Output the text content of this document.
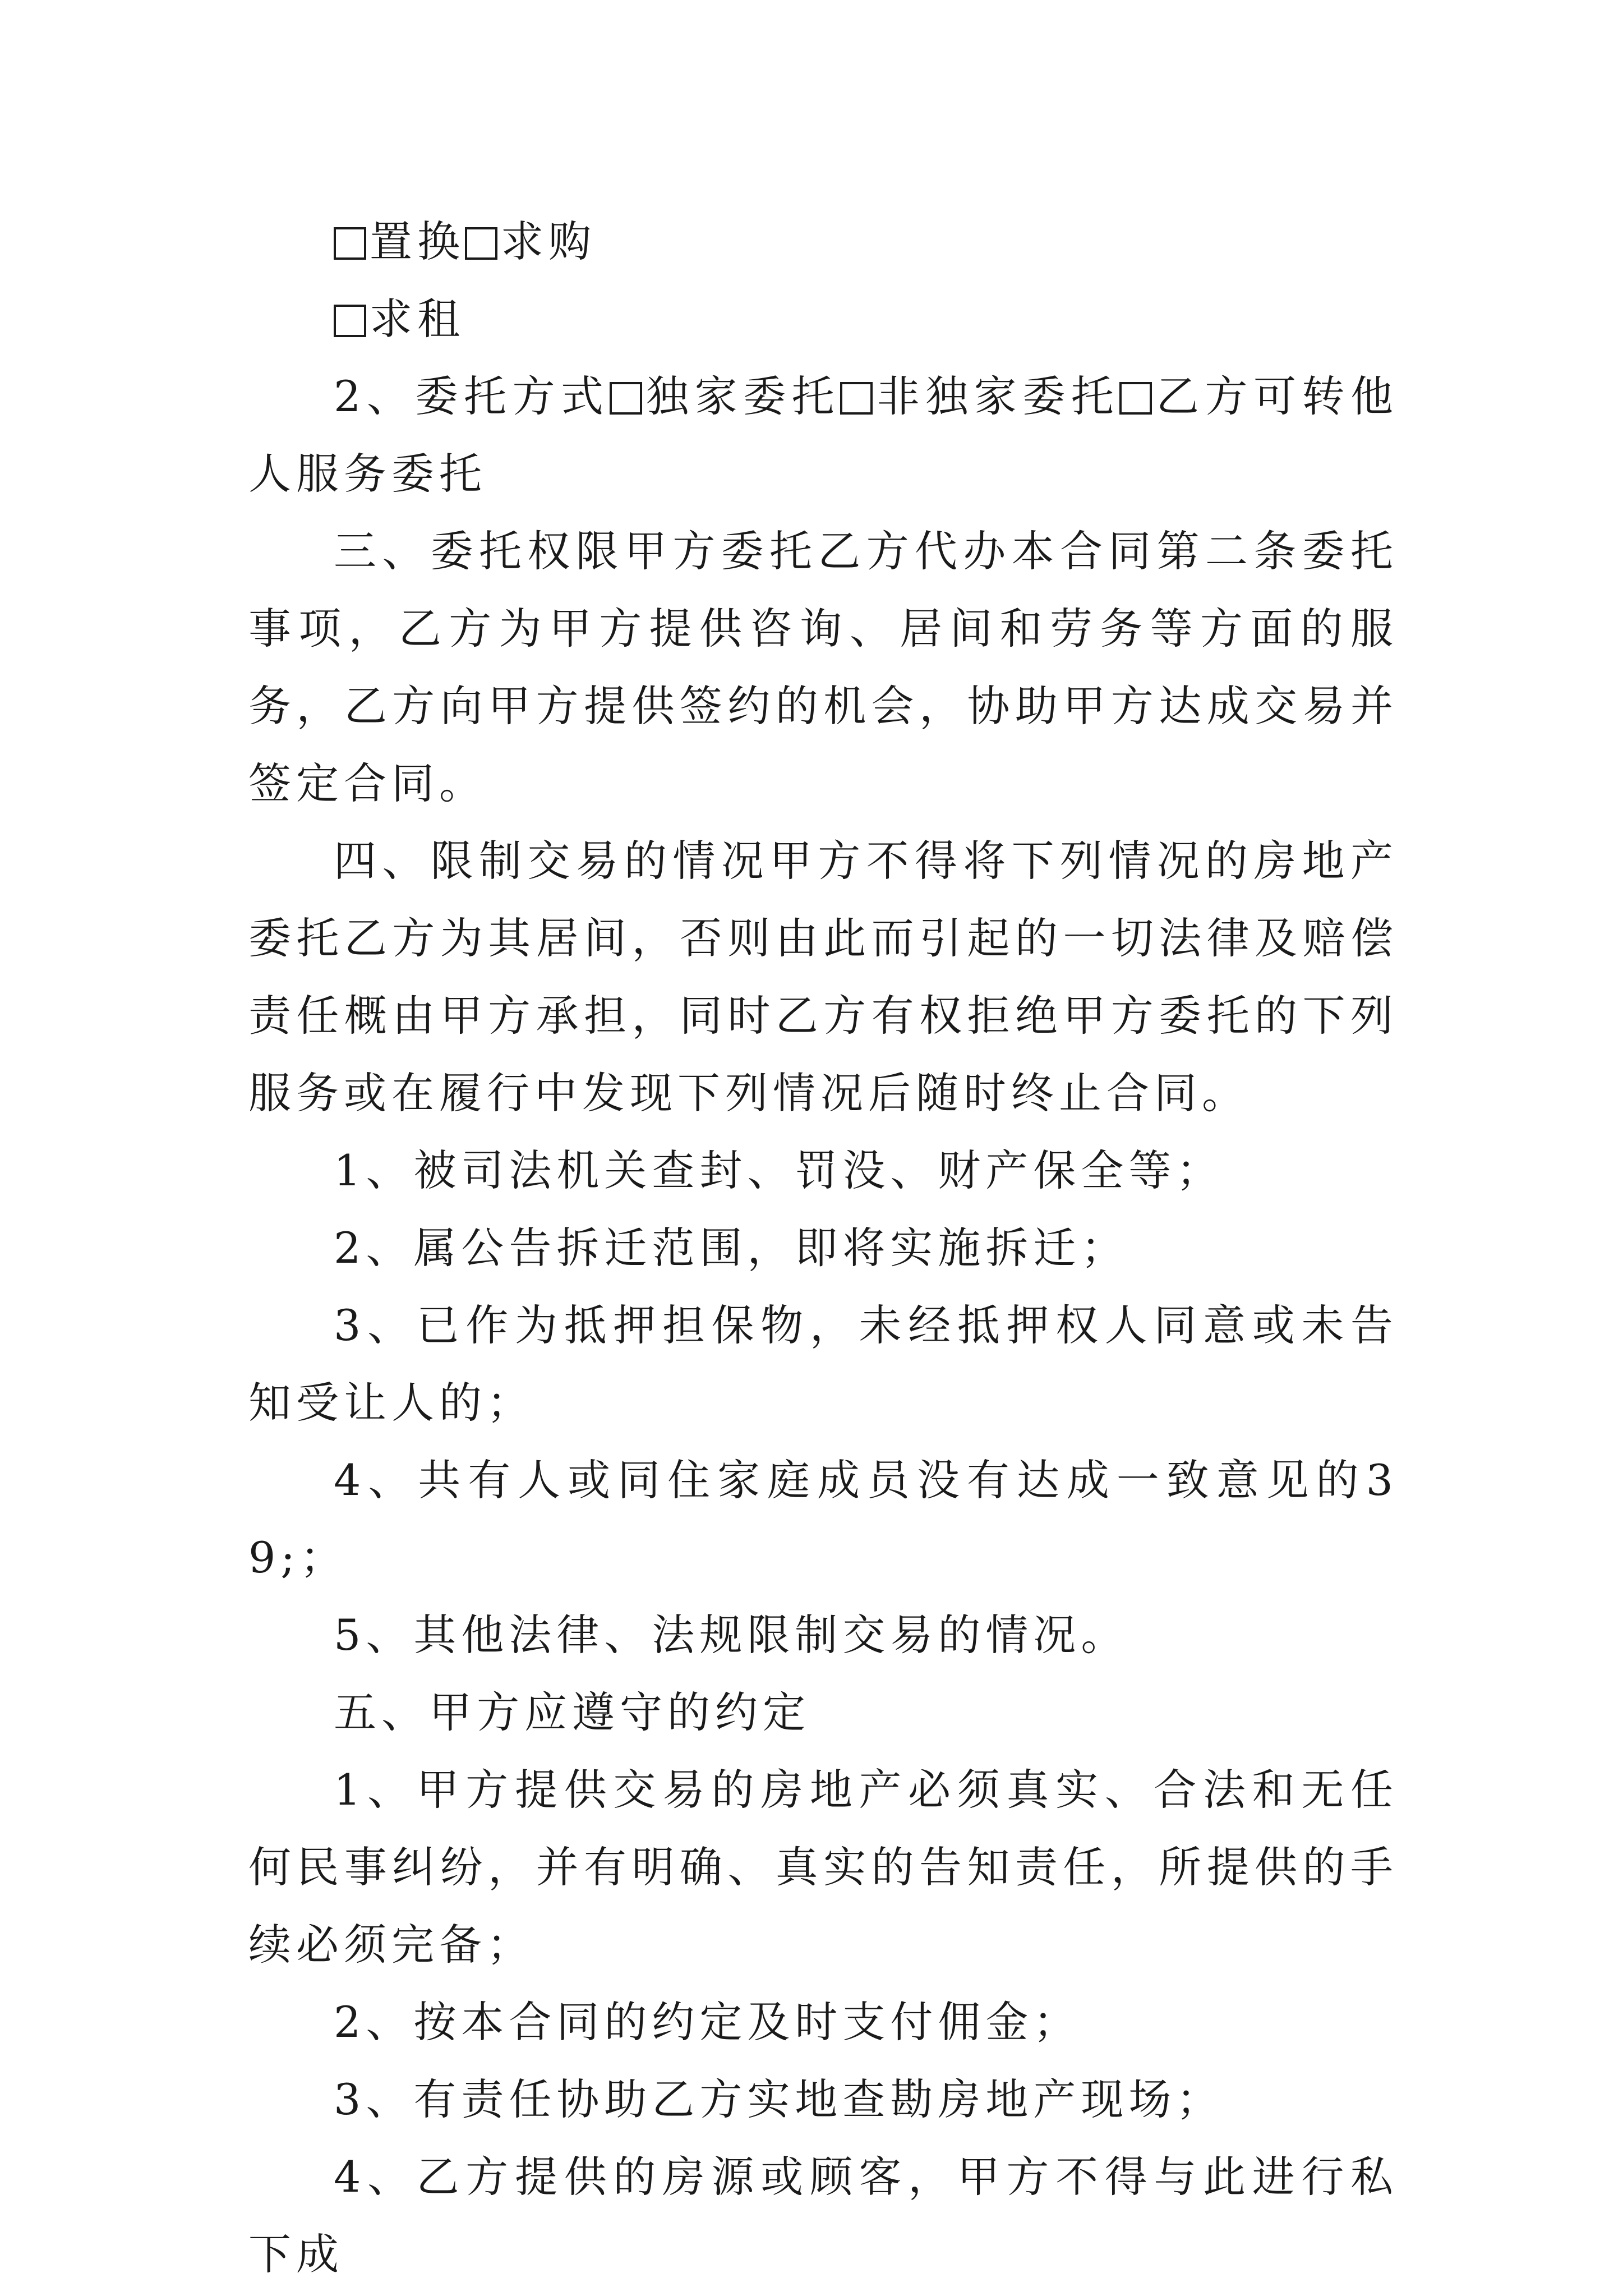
置换 求购

求租

2、委托方式 独家委托 非独家委托 乙方可转他人服务委托

三、委托权限甲方委托乙方代办本合同第二条委托事项，乙方为甲方提供咨询、居间和劳务等方面的服务，乙方向甲方提供签约的机会，协助甲方达成交易并签定合同。

四、限制交易的情况甲方不得将下列情况的房地产委托乙方为其居间，否则由此而引起的一切法律及赔偿责任概由甲方承担，同时乙方有权拒绝甲方委托的下列服务或在履行中发现下列情况后随时终止合同。

1、被司法机关查封、罚没、财产保全等；

2、属公告拆迁范围，即将实施拆迁；

3、已作为抵押担保物，未经抵押权人同意或未告知受让人的；

4、共有人或同住家庭成员没有达成一致意见的39;；

5、其他法律、法规限制交易的情况。

五、甲方应遵守的约定

1、甲方提供交易的房地产必须真实、合法和无任何民事纠纷，并有明确、真实的告知责任，所提供的手续必须完备；

2、按本合同的约定及时支付佣金；

3、有责任协助乙方实地查勘房地产现场；

4、乙方提供的房源或顾客，甲方不得与此进行私下成
